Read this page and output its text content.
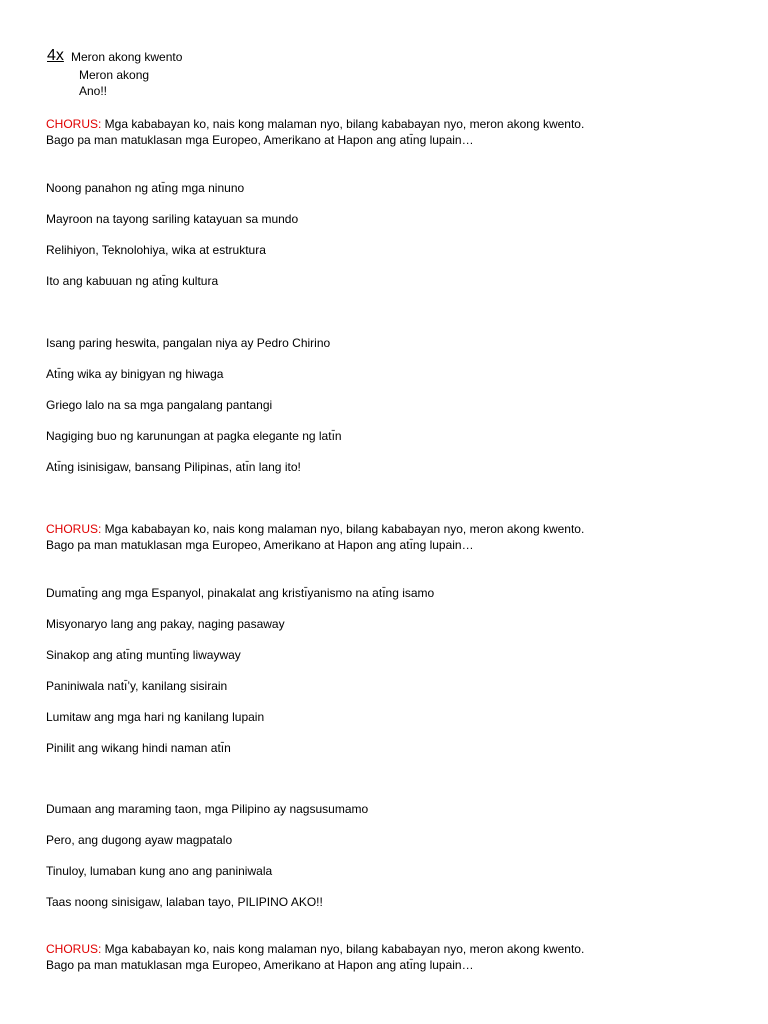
4x Meron akong kwento
Meron akong
Ano!!
CHORUS: Mga kababayan ko, nais kong malaman nyo, bilang kababayan nyo, meron akong kwento.
Bago pa man matuklasan mga Europeo, Amerikano at Hapon ang atı̄ng lupain…
Noong panahon ng atı̄ng mga ninuno
Mayroon na tayong sariling katayuan sa mundo
Relihiyon, Teknolohiya, wika at estruktura
Ito ang kabuuan ng atı̄ng kultura
Isang paring heswita, pangalan niya ay Pedro Chirino
Atı̄ng wika ay binigyan ng hiwaga
Griego lalo na sa mga pangalang pantangi
Nagiging buo ng karunungan at pagka elegante ng latı̄n
Atı̄ng isinisigaw, bansang Pilipinas, atı̄n lang ito!
CHORUS: Mga kababayan ko, nais kong malaman nyo, bilang kababayan nyo, meron akong kwento.
Bago pa man matuklasan mga Europeo, Amerikano at Hapon ang atı̄ng lupain…
Dumatı̄ng ang mga Espanyol, pinakalat ang kristı̄yanismo na atı̄ng isamo
Misyonaryo lang ang pakay, naging pasaway
Sinakop ang atı̄ng muntı̄ng liwayway
Paniniwala natı̄’y, kanilang sisirain
Lumitaw ang mga hari ng kanilang lupain
Pinilit ang wikang hindi naman atı̄n
Dumaan ang maraming taon, mga Pilipino ay nagsusumamo
Pero, ang dugong ayaw magpatalo
Tinuloy, lumaban kung ano ang paniniwala
Taas noong sinisigaw, lalaban tayo, PILIPINO AKO!!
CHORUS: Mga kababayan ko, nais kong malaman nyo, bilang kababayan nyo, meron akong kwento.
Bago pa man matuklasan mga Europeo, Amerikano at Hapon ang atı̄ng lupain…
